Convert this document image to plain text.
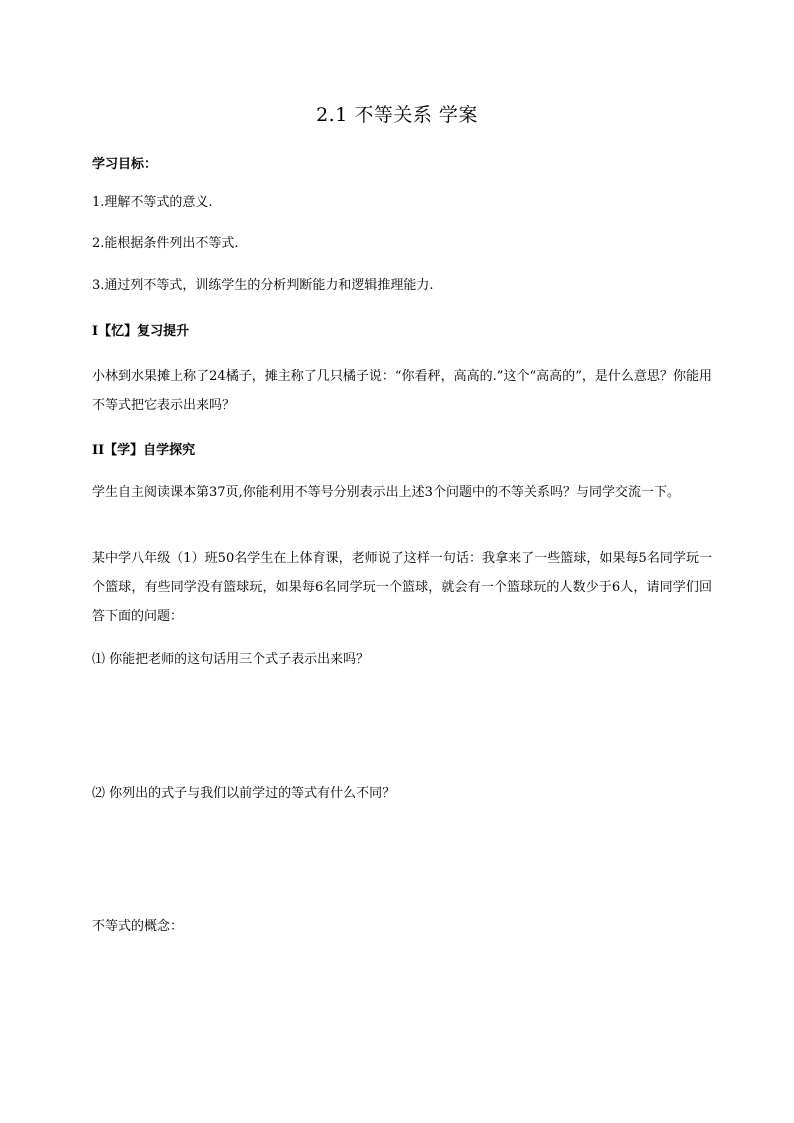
2.1 不等关系 学案
学习目标：
1.理解不等式的意义.
2.能根据条件列出不等式.
3.通过列不等式，训练学生的分析判断能力和逻辑推理能力.
I【忆】复习提升
小林到水果摊上称了24橘子，摊主称了几只橘子说：“你看秤，高高的.”这个“高高的”，是什么意思？你能用不等式把它表示出来吗？
II【学】自学探究
学生自主阅读课本第37页,你能利用不等号分别表示出上述3个问题中的不等关系吗？与同学交流一下。
某中学八年级（1）班50名学生在上体育课，老师说了这样一句话：我拿来了一些篮球，如果每5名同学玩一个篮球，有些同学没有篮球玩，如果每6名同学玩一个篮球，就会有一个篮球玩的人数少于6人，请同学们回答下面的问题：
⑴ 你能把老师的这句话用三个式子表示出来吗？
⑵ 你列出的式子与我们以前学过的等式有什么不同？
不等式的概念：
